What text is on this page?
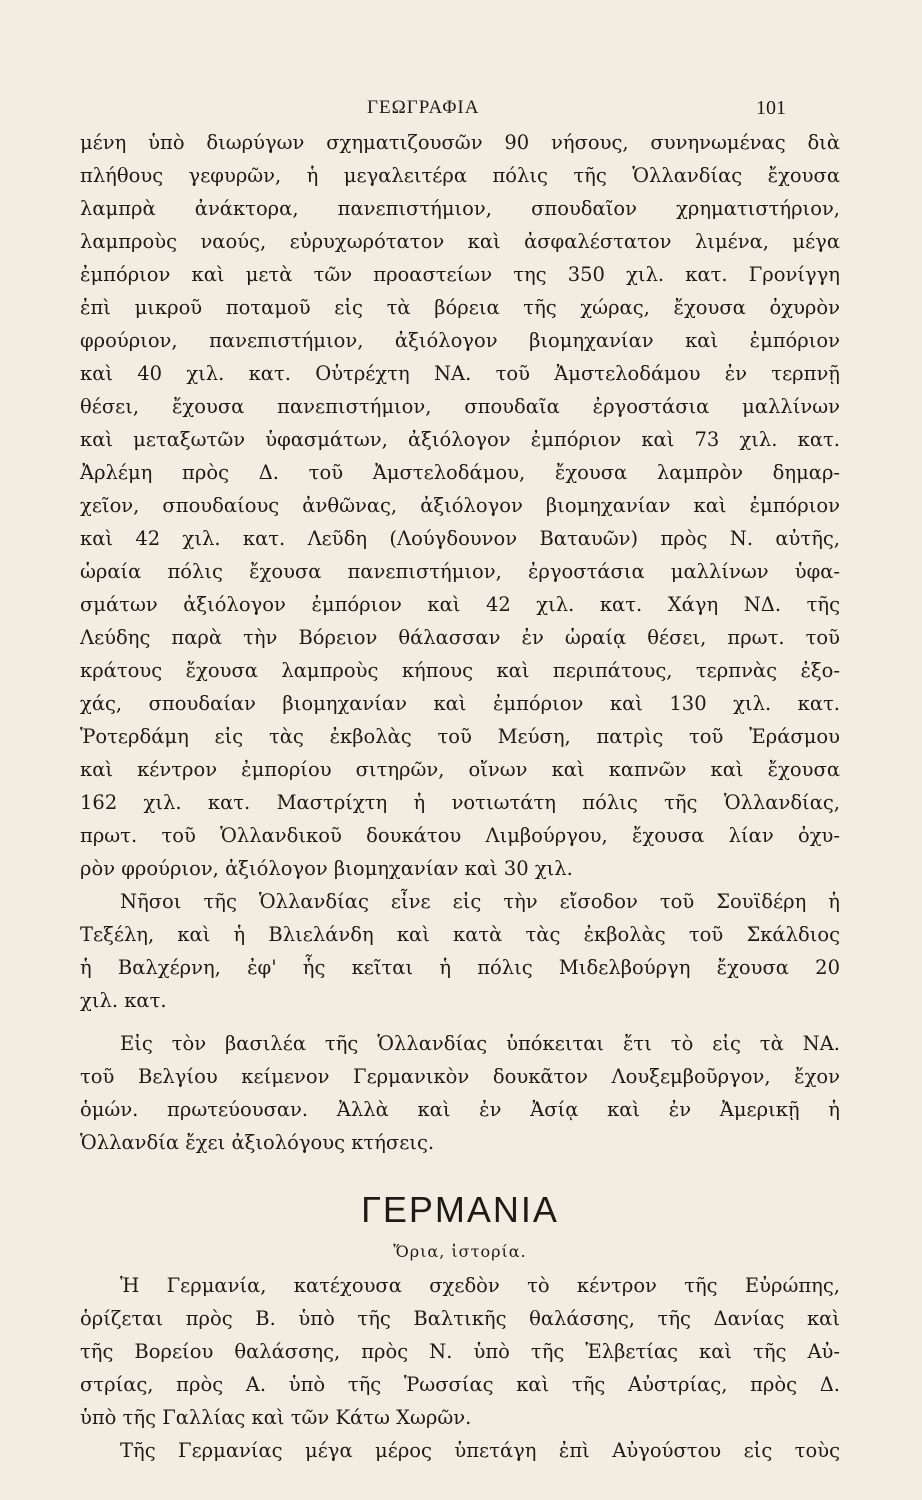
ΓΕΩΓΡΑΦΙΑ	101
μένη ὑπὸ διωρύγων σχηματιζουσῶν 90 νήσους, συνηνωμένας διὰ
πλήθους γεφυρῶν, ἡ μεγαλειτέρα πόλις τῆς Ὁλλανδίας ἔχουσα
λαμπρὰ ἀνάκτορα, πανεπιστήμιον, σπουδαῖον χρηματιστήριον,
λαμπροὺς ναούς, εὐρυχωρότατον καὶ ἀσφαλέστατον λιμένα, μέγα
ἐμπόριον καὶ μετὰ τῶν προαστείων της 350 χιλ. κατ. Γρονίγγη
ἐπὶ μικροῦ ποταμοῦ εἰς τὰ βόρεια τῆς χώρας, ἔχουσα ὀχυρὸν
φρούριον, πανεπιστήμιον, ἀξιόλογον βιομηχανίαν καὶ ἐμπόριον
καὶ 40 χιλ. κατ. Οὐτρέχτη ΝΑ. τοῦ Ἀμστελοδάμου ἐν τερπνῇ
θέσει, ἔχουσα πανεπιστήμιον, σπουδαῖα ἐργοστάσια μαλλίνων
καὶ μεταξωτῶν ὑφασμάτων, ἀξιόλογον ἐμπόριον καὶ 73 χιλ. κατ.
Ἀρλέμη πρὸς Δ. τοῦ Ἀμστελοδάμου, ἔχουσα λαμπρὸν δημαρ-
χεῖον, σπουδαίους ἀνθῶνας, ἀξιόλογον βιομηχανίαν καὶ ἐμπόριον
καὶ 42 χιλ. κατ. Λεῦδη (Λούγδουνον Βαταυῶν) πρὸς Ν. αὐτῆς,
ὡραία πόλις ἔχουσα πανεπιστήμιον, ἐργοστάσια μαλλίνων ὑφα-
σμάτων ἀξιόλογον ἐμπόριον καὶ 42 χιλ. κατ. Χάγη ΝΔ. τῆς
Λεύδης παρὰ τὴν Βόρειον θάλασσαν ἐν ὡραίᾳ θέσει, πρωτ. τοῦ
κράτους ἔχουσα λαμπροὺς κήπους καὶ περιπάτους, τερπνὰς ἐξο-
χάς, σπουδαίαν βιομηχανίαν καὶ ἐμπόριον καὶ 130 χιλ. κατ.
Ῥοτερδάμη εἰς τὰς ἐκβολὰς τοῦ Μεύση, πατρὶς τοῦ Ἐράσμου
καὶ κέντρον ἐμπορίου σιτηρῶν, οἴνων καὶ καπνῶν καὶ ἔχουσα
162 χιλ. κατ. Μαστρίχτη ἡ νοτιωτάτη πόλις τῆς Ὁλλανδίας,
πρωτ. τοῦ Ὁλλανδικοῦ δουκάτου Λιμβούργου, ἔχουσα λίαν ὀχυ-
ρὸν φρούριον, ἀξιόλογον βιομηχανίαν καὶ 30 χιλ.
Νῆσοι τῆς Ὁλλανδίας εἶνε εἰς τὴν εἴσοδον τοῦ Σουϊδέρη ἡ
Τεξέλη, καὶ ἡ Βλιελάνδη καὶ κατὰ τὰς ἐκβολὰς τοῦ Σκάλδιος
ἡ Βαλχέρνη, ἐφ' ἧς κεῖται ἡ πόλις Μιδελβούργη ἔχουσα 20
χιλ. κατ.
Εἰς τὸν βασιλέα τῆς Ὁλλανδίας ὑπόκειται ἔτι τὸ εἰς τὰ ΝΑ.
τοῦ Βελγίου κείμενον Γερμανικὸν δουκᾶτον Λουξεμβοῦργον, ἔχον
ὁμών. πρωτεύουσαν. Ἀλλὰ καὶ ἐν Ἀσίᾳ καὶ ἐν Ἀμερικῇ ἡ
Ὁλλανδία ἔχει ἀξιολόγους κτήσεις.
ΓΕΡΜΑΝΙΑ
Ὅρια, ἱστορία.
Ἡ Γερμανία, κατέχουσα σχεδὸν τὸ κέντρον τῆς Εὐρώπης,
ὁρίζεται πρὸς Β. ὑπὸ τῆς Βαλτικῆς θαλάσσης, τῆς Δανίας καὶ
τῆς Βορείου θαλάσσης, πρὸς Ν. ὑπὸ τῆς Ἑλβετίας καὶ τῆς Αὐ-
στρίας, πρὸς Α. ὑπὸ τῆς Ῥωσσίας καὶ τῆς Αὐστρίας, πρὸς Δ.
ὑπὸ τῆς Γαλλίας καὶ τῶν Κάτω Χωρῶν.
Τῆς Γερμανίας μέγα μέρος ὑπετάγη ἐπὶ Αὐγούστου εἰς τοὺς
